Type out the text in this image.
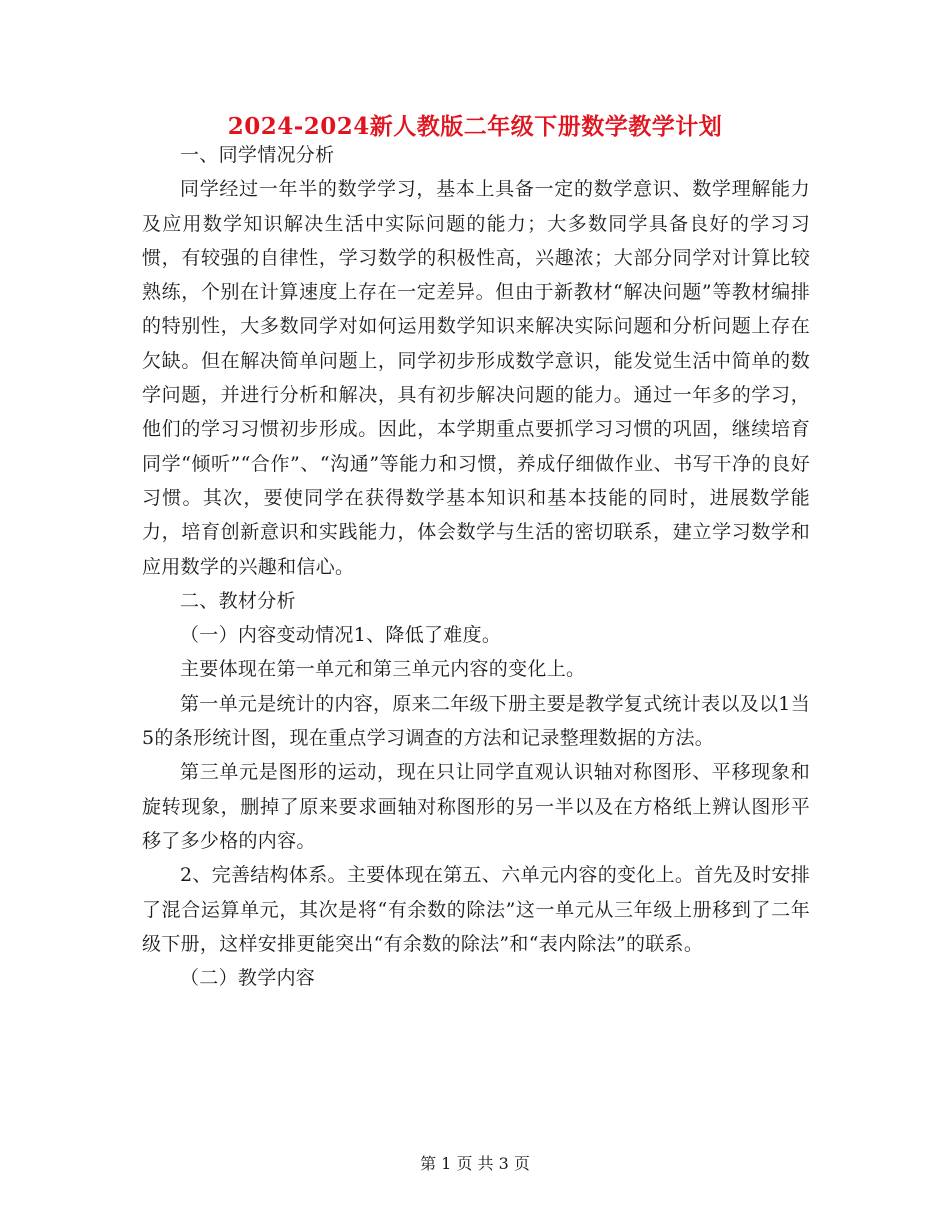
2024-2024新人教版二年级下册数学教学计划

一、同学情况分析

同学经过一年半的数学学习，基本上具备一定的数学意识、数学理解能力及应用数学知识解决生活中实际问题的能力；大多数同学具备良好的学习习惯，有较强的自律性，学习数学的积极性高，兴趣浓；大部分同学对计算比较熟练，个别在计算速度上存在一定差异。但由于新教材“解决问题”等教材编排的特别性，大多数同学对如何运用数学知识来解决实际问题和分析问题上存在欠缺。但在解决简单问题上，同学初步形成数学意识，能发觉生活中简单的数学问题，并进行分析和解决，具有初步解决问题的能力。通过一年多的学习，他们的学习习惯初步形成。因此，本学期重点要抓学习习惯的巩固，继续培育同学“倾听”“合作”、“沟通”等能力和习惯，养成仔细做作业、书写干净的良好习惯。其次，要使同学在获得数学基本知识和基本技能的同时，进展数学能力，培育创新意识和实践能力，体会数学与生活的密切联系，建立学习数学和应用数学的兴趣和信心。

二、教材分析

（一）内容变动情况1、降低了难度。

主要体现在第一单元和第三单元内容的变化上。

第一单元是统计的内容，原来二年级下册主要是教学复式统计表以及以1当5的条形统计图，现在重点学习调查的方法和记录整理数据的方法。

第三单元是图形的运动，现在只让同学直观认识轴对称图形、平移现象和旋转现象，删掉了原来要求画轴对称图形的另一半以及在方格纸上辨认图形平移了多少格的内容。

2、完善结构体系。主要体现在第五、六单元内容的变化上。首先及时安排了混合运算单元，其次是将“有余数的除法”这一单元从三年级上册移到了二年级下册，这样安排更能突出“有余数的除法”和“表内除法”的联系。

（二）教学内容

第 1 页 共 3 页
